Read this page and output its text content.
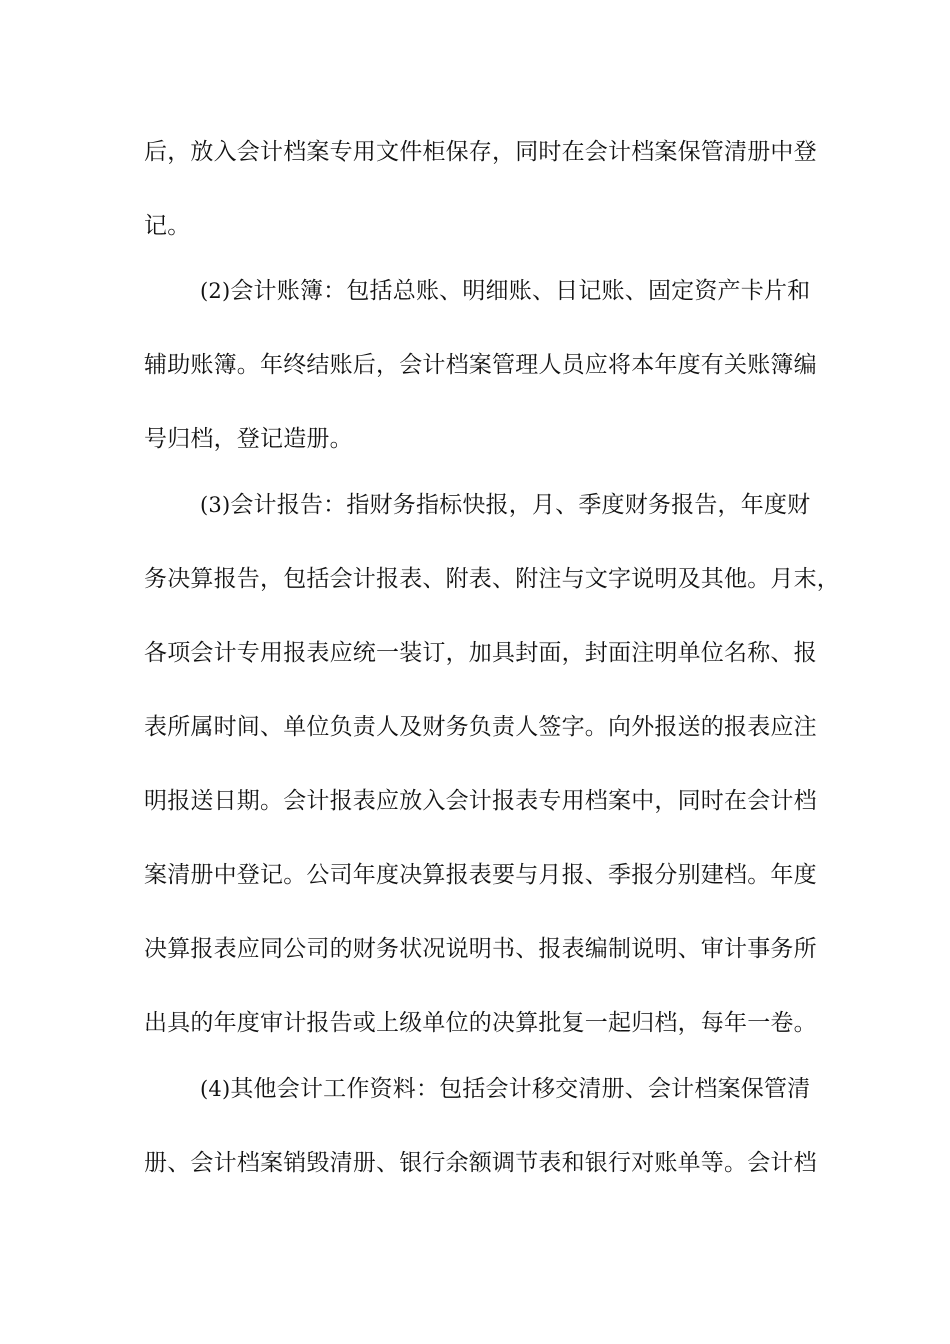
后，放入会计档案专用文件柜保存，同时在会计档案保管清册中登
记。
(2)会计账簿：包括总账、明细账、日记账、固定资产卡片和
辅助账簿。年终结账后，会计档案管理人员应将本年度有关账簿编
号归档，登记造册。
(3)会计报告：指财务指标快报，月、季度财务报告，年度财
务决算报告，包括会计报表、附表、附注与文字说明及其他。月末，
各项会计专用报表应统一装订，加具封面，封面注明单位名称、报
表所属时间、单位负责人及财务负责人签字。向外报送的报表应注
明报送日期。会计报表应放入会计报表专用档案中，同时在会计档
案清册中登记。公司年度决算报表要与月报、季报分别建档。年度
决算报表应同公司的财务状况说明书、报表编制说明、审计事务所
出具的年度审计报告或上级单位的决算批复一起归档，每年一卷。
(4)其他会计工作资料：包括会计移交清册、会计档案保管清
册、会计档案销毁清册、银行余额调节表和银行对账单等。会计档
